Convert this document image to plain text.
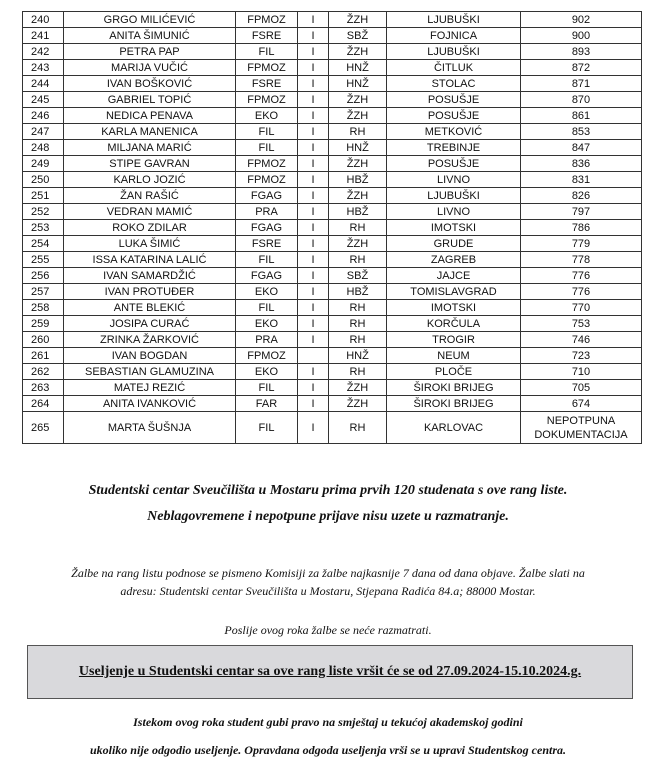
240	GRGO MILIĆEVIĆ	FPMOZ	I	ŽZH	LJUBUŠKI	902
241	ANITA ŠIMUNIĆ	FSRE	I	SBŽ	FOJNICA	900
242	PETRA PAP	FIL	I	ŽZH	LJUBUŠKI	893
243	MARIJA VUČIĆ	FPMOZ	I	HNŽ	ČITLUK	872
244	IVAN BOŠKOVIĆ	FSRE	I	HNŽ	STOLAC	871
245	GABRIEL TOPIĆ	FPMOZ	I	ŽZH	POSUŠJE	870
246	NEDICA PENAVA	EKO	I	ŽZH	POSUŠJE	861
247	KARLA MANENICA	FIL	I	RH	METKOVIĆ	853
248	MILJANA MARIĆ	FIL	I	HNŽ	TREBINJE	847
249	STIPE GAVRAN	FPMOZ	I	ŽZH	POSUŠJE	836
250	KARLO JOZIĆ	FPMOZ	I	HBŽ	LIVNO	831
251	ŽAN RAŠIĆ	FGAG	I	ŽZH	LJUBUŠKI	826
252	VEDRAN MAMIĆ	PRA	I	HBŽ	LIVNO	797
253	ROKO ZDILAR	FGAG	I	RH	IMOTSKI	786
254	LUKA ŠIMIĆ	FSRE	I	ŽZH	GRUDE	779
255	ISSA KATARINA LALIĆ	FIL	I	RH	ZAGREB	778
256	IVAN SAMARDŽIĆ	FGAG	I	SBŽ	JAJCE	776
257	IVAN PROTUĐER	EKO	I	HBŽ	TOMISLAVGRAD	776
258	ANTE BLEKIĆ	FIL	I	RH	IMOTSKI	770
259	JOSIPA CURAĆ	EKO	I	RH	KORČULA	753
260	ZRINKA ŽARKOVIĆ	PRA	I	RH	TROGIR	746
261	IVAN BOGDAN	FPMOZ		HNŽ	NEUM	723
262	SEBASTIAN GLAMUZINA	EKO	I	RH	PLOČE	710
263	MATEJ REZIĆ	FIL	I	ŽZH	ŠIROKI BRIJEG	705
264	ANITA IVANKOVIĆ	FAR	I	ŽZH	ŠIROKI BRIJEG	674
265	MARTA ŠUŠNJA	FIL	I	RH	KARLOVAC	NEPOTPUNA
DOKUMENTACIJA
Studentski centar Sveučilišta u Mostaru prima prvih 120 studenata s ove rang liste.
Neblagovremene i nepotpune prijave nisu uzete u razmatranje.
Žalbe na rang listu podnose se pismeno Komisiji za žalbe najkasnije 7 dana od dana objave. Žalbe slati na
adresu: Studentski centar Sveučilišta u Mostaru, Stjepana Radića 84.a; 88000 Mostar.
Poslije ovog roka žalbe se neće razmatrati.
Useljenje u Studentski centar sa ove rang liste vršit će se od 27.09.2024-15.10.2024.g.
Istekom ovog roka student gubi pravo na smještaj u tekućoj akademskoj godini
ukoliko nije odgodio useljenje. Opravdana odgoda useljenja vrši se u upravi Studentskog centra.
